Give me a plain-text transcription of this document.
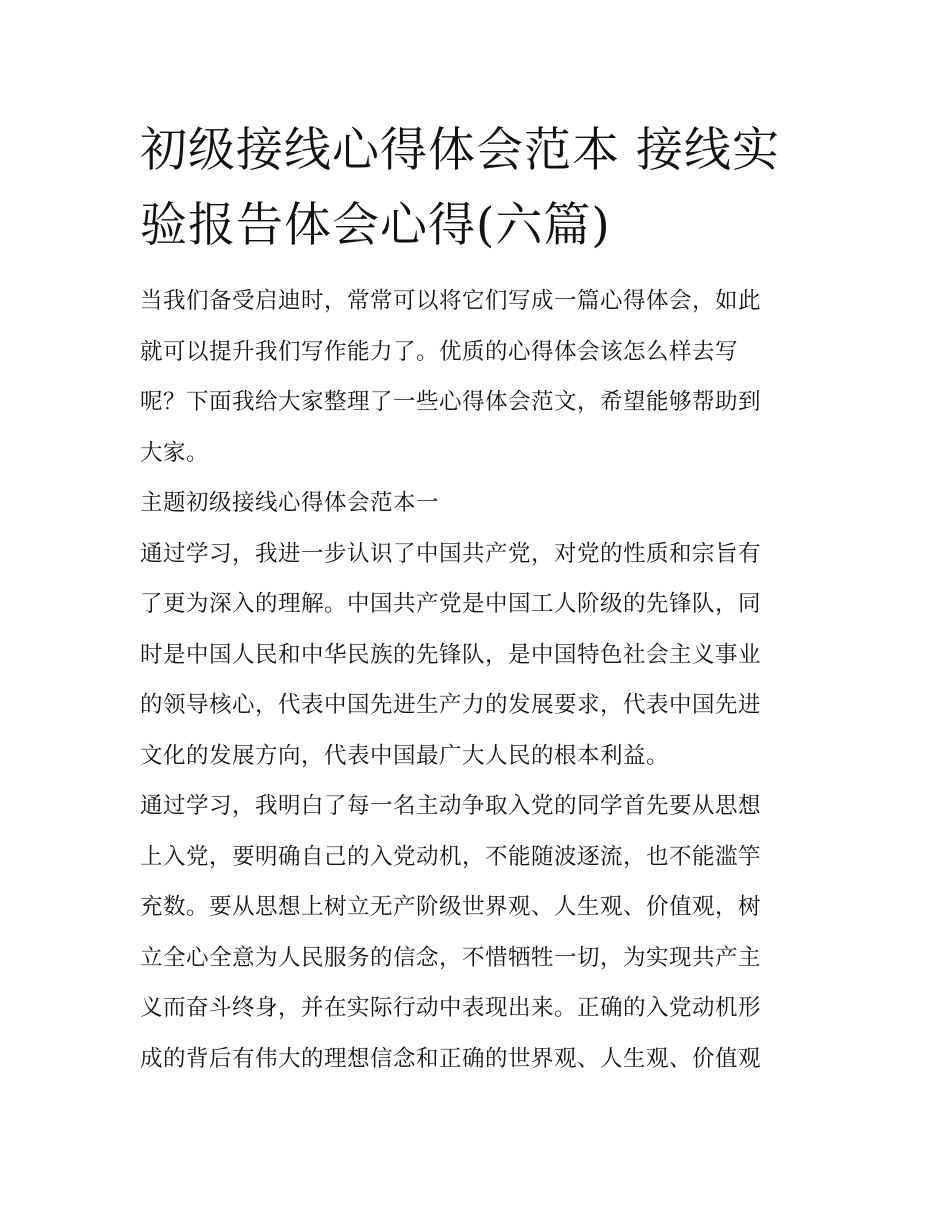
初级接线心得体会范本 接线实
验报告体会心得(六篇)
当我们备受启迪时，常常可以将它们写成一篇心得体会，如此
就可以提升我们写作能力了。优质的心得体会该怎么样去写
呢？下面我给大家整理了一些心得体会范文，希望能够帮助到
大家。
主题初级接线心得体会范本一
通过学习，我进一步认识了中国共产党，对党的性质和宗旨有
了更为深入的理解。中国共产党是中国工人阶级的先锋队，同
时是中国人民和中华民族的先锋队，是中国特色社会主义事业
的领导核心，代表中国先进生产力的发展要求，代表中国先进
文化的发展方向，代表中国最广大人民的根本利益。
通过学习，我明白了每一名主动争取入党的同学首先要从思想
上入党，要明确自己的入党动机，不能随波逐流，也不能滥竽
充数。要从思想上树立无产阶级世界观、人生观、价值观，树
立全心全意为人民服务的信念，不惜牺牲一切，为实现共产主
义而奋斗终身，并在实际行动中表现出来。正确的入党动机形
成的背后有伟大的理想信念和正确的世界观、人生观、价值观
